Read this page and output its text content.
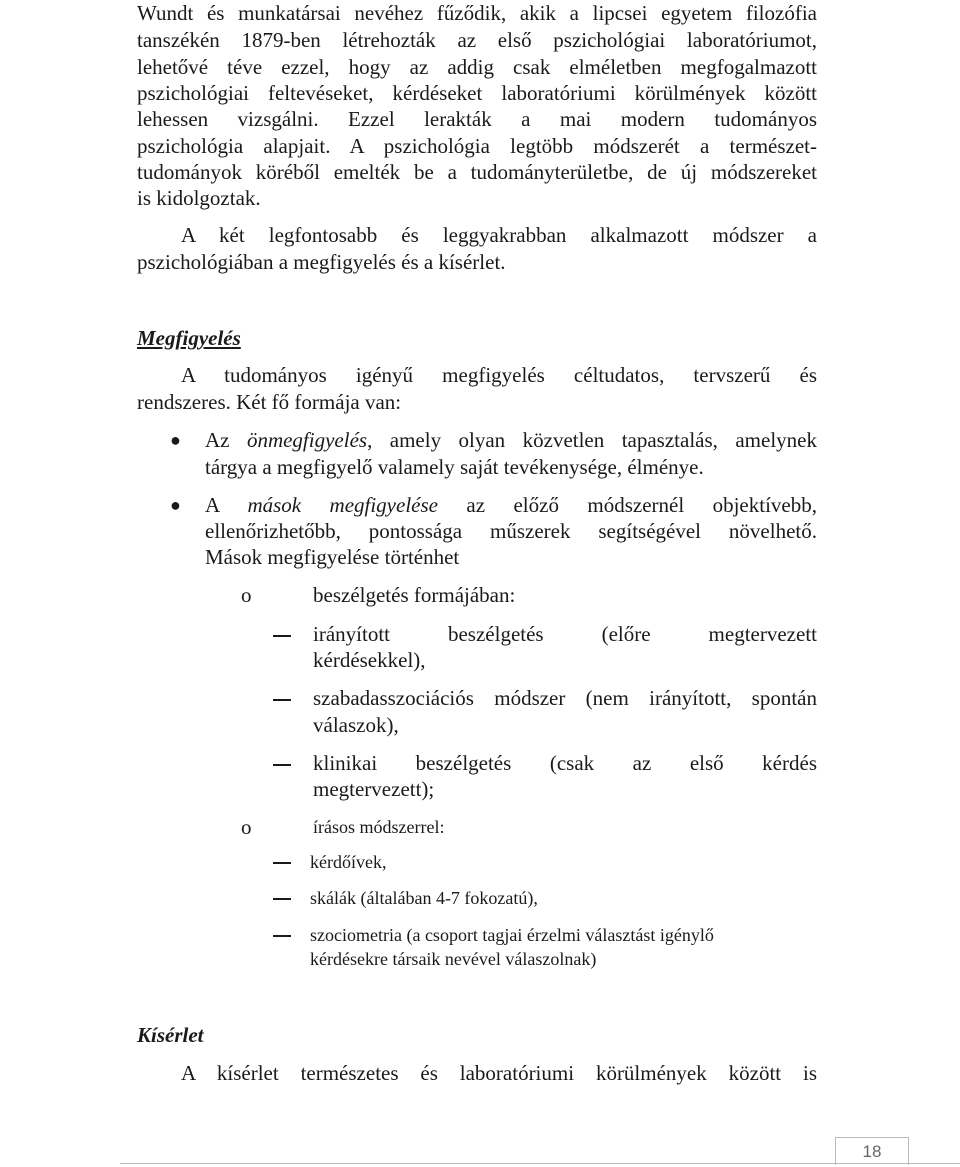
Wundt és munkatársai nevéhez fűződik, akik a lipcsei egyetem filozófia
tanszékén 1879-ben létrehozták az első pszichológiai laboratóriumot,
lehetővé téve ezzel, hogy az addig csak elméletben megfogalmazott
pszichológiai feltevéseket, kérdéseket laboratóriumi körülmények között
lehessen vizsgálni. Ezzel lerakták a mai modern tudományos
pszichológia alapjait. A pszichológia legtöbb módszerét a természet-
tudományok köréből emelték be a tudományterületbe, de új módszereket
is kidolgoztak.
A két legfontosabb és leggyakrabban alkalmazott módszer a
pszichológiában a megfigyelés és a kísérlet.
Megfigyelés
A tudományos igényű megfigyelés céltudatos, tervszerű és
rendszeres. Két fő formája van:
● Az önmegfigyelés, amely olyan közvetlen tapasztalás, amelynek
tárgya a megfigyelő valamely saját tevékenysége, élménye.
● A mások megfigyelése az előző módszernél objektívebb,
ellenőrizhetőbb, pontossága műszerek segítségével növelhető.
Mások megfigyelése történhet
o	beszélgetés formájában:
irányított beszélgetés (előre megtervezett
kérdésekkel),
szabadasszociációs módszer (nem irányított, spontán
válaszok),
klinikai beszélgetés (csak az első kérdés
megtervezett);
o	írásos módszerrel:
kérdőívek,
skálák (általában 4-7 fokozatú),
szociometria (a csoport tagjai érzelmi választást igénylő
kérdésekre társaik nevével válaszolnak)
Kísérlet
A kísérlet természetes és laboratóriumi körülmények között is
18
